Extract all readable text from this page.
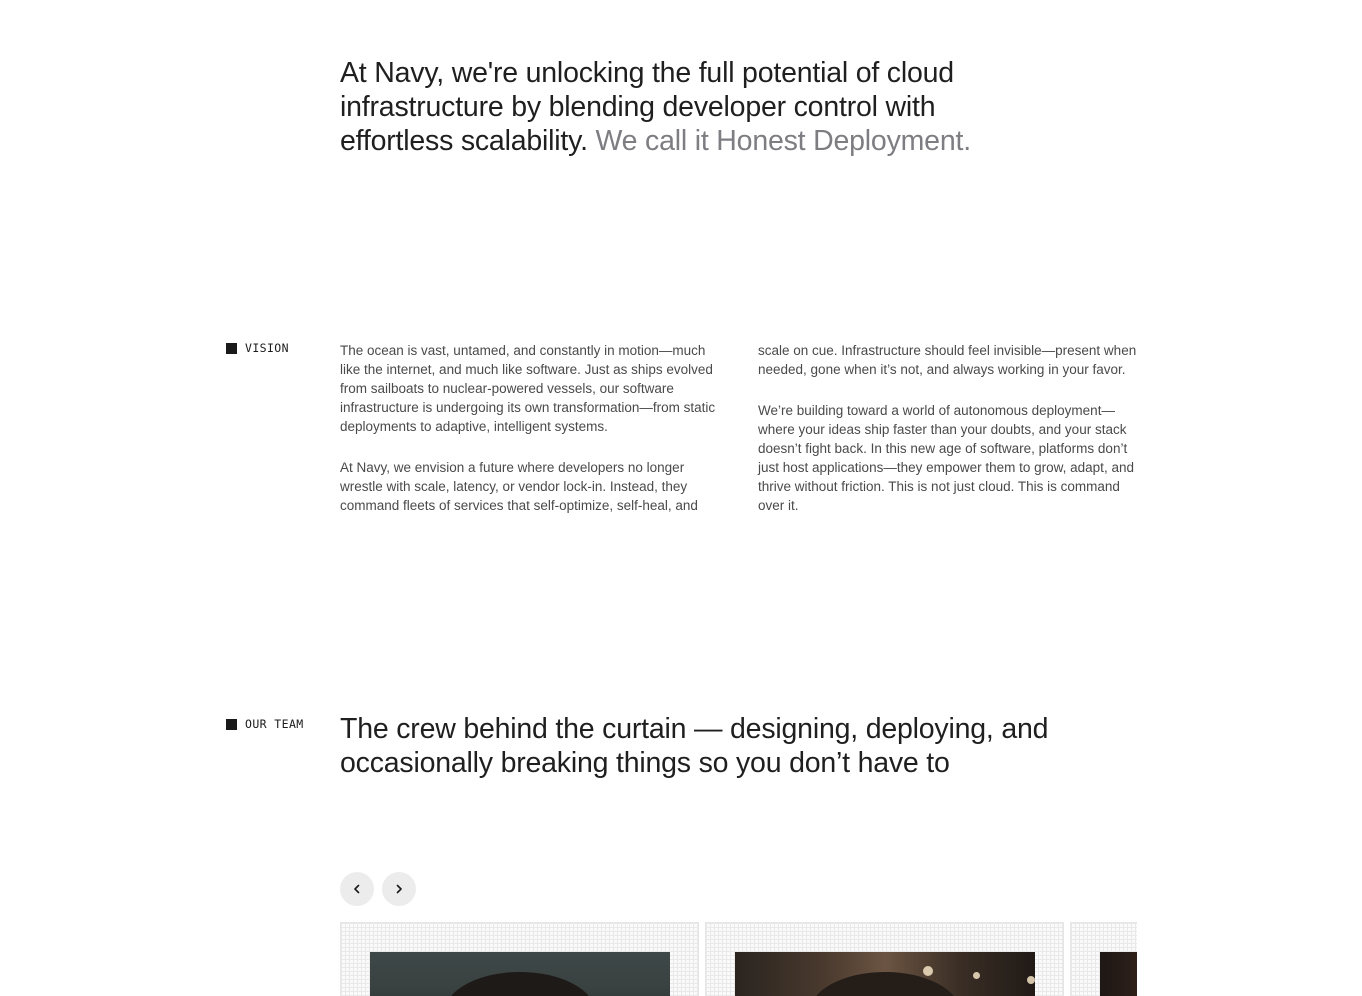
At Navy, we're unlocking the full potential of cloud infrastructure by blending developer control with effortless scalability. We call it Honest Deployment.
VISION	The ocean is vast, untamed, and constantly in motion—much like the internet, and much like software. Just as ships evolved from sailboats to nuclear-powered vessels, our software infrastructure is undergoing its own transformation—from static deployments to adaptive, intelligent systems.

At Navy, we envision a future where developers no longer wrestle with scale, latency, or vendor lock-in. Instead, they command fleets of services that self-optimize, self-heal, and scale on cue. Infrastructure should feel invisible—present when needed, gone when it’s not, and always working in your favor.

We’re building toward a world of autonomous deployment—where your ideas ship faster than your doubts, and your stack doesn’t fight back. In this new age of software, platforms don’t just host applications—they empower them to grow, adapt, and thrive without friction. This is not just cloud. This is command over it.

OUR TEAM The crew behind the curtain — designing, deploying, and occasionally breaking things so you don’t have to
